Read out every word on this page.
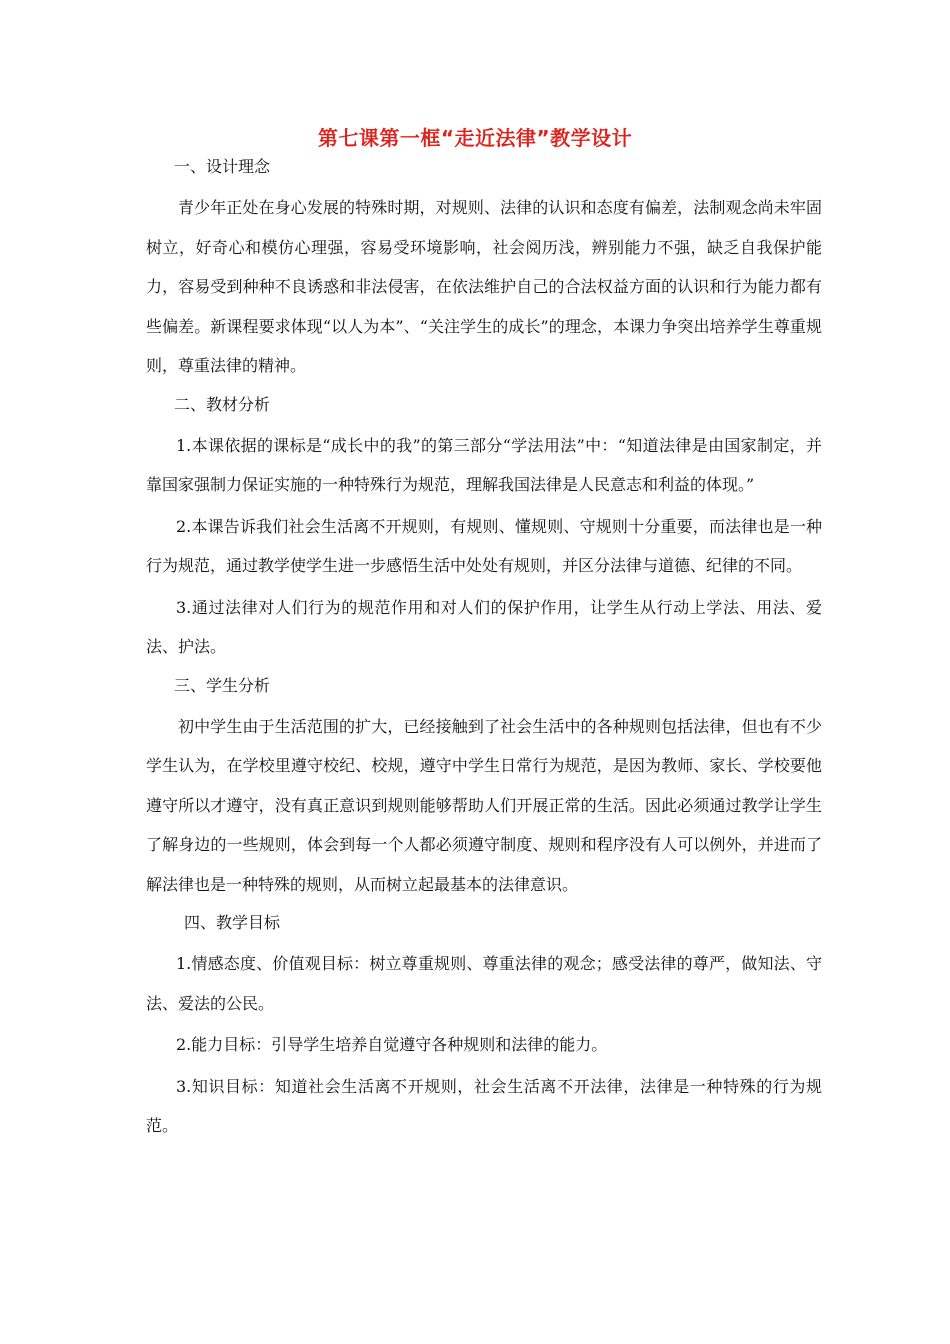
第七课第一框“走近法律”教学设计
一、设计理念

青少年正处在身心发展的特殊时期，对规则、法律的认识和态度有偏差，法制观念尚未牢固树立，好奇心和模仿心理强，容易受环境影响，社会阅历浅，辨别能力不强，缺乏自我保护能力，容易受到种种不良诱惑和非法侵害，在依法维护自己的合法权益方面的认识和行为能力都有些偏差。新课程要求体现“以人为本”、“关注学生的成长”的理念，本课力争突出培养学生尊重规则，尊重法律的精神。

二、教材分析

1.本课依据的课标是“成长中的我”的第三部分“学法用法”中：“知道法律是由国家制定，并靠国家强制力保证实施的一种特殊行为规范，理解我国法律是人民意志和利益的体现。”

2.本课告诉我们社会生活离不开规则，有规则、懂规则、守规则十分重要，而法律也是一种行为规范，通过教学使学生进一步感悟生活中处处有规则，并区分法律与道德、纪律的不同。

3.通过法律对人们行为的规范作用和对人们的保护作用，让学生从行动上学法、用法、爱法、护法。

三、学生分析

初中学生由于生活范围的扩大，已经接触到了社会生活中的各种规则包括法律，但也有不少学生认为，在学校里遵守校纪、校规，遵守中学生日常行为规范，是因为教师、家长、学校要他遵守所以才遵守，没有真正意识到规则能够帮助人们开展正常的生活。因此必须通过教学让学生了解身边的一些规则，体会到每一个人都必须遵守制度、规则和程序没有人可以例外，并进而了解法律也是一种特殊的规则，从而树立起最基本的法律意识。

四、教学目标

1.情感态度、价值观目标：树立尊重规则、尊重法律的观念；感受法律的尊严，做知法、守法、爱法的公民。

2.能力目标：引导学生培养自觉遵守各种规则和法律的能力。

3.知识目标：知道社会生活离不开规则，社会生活离不开法律，法律是一种特殊的行为规范。
